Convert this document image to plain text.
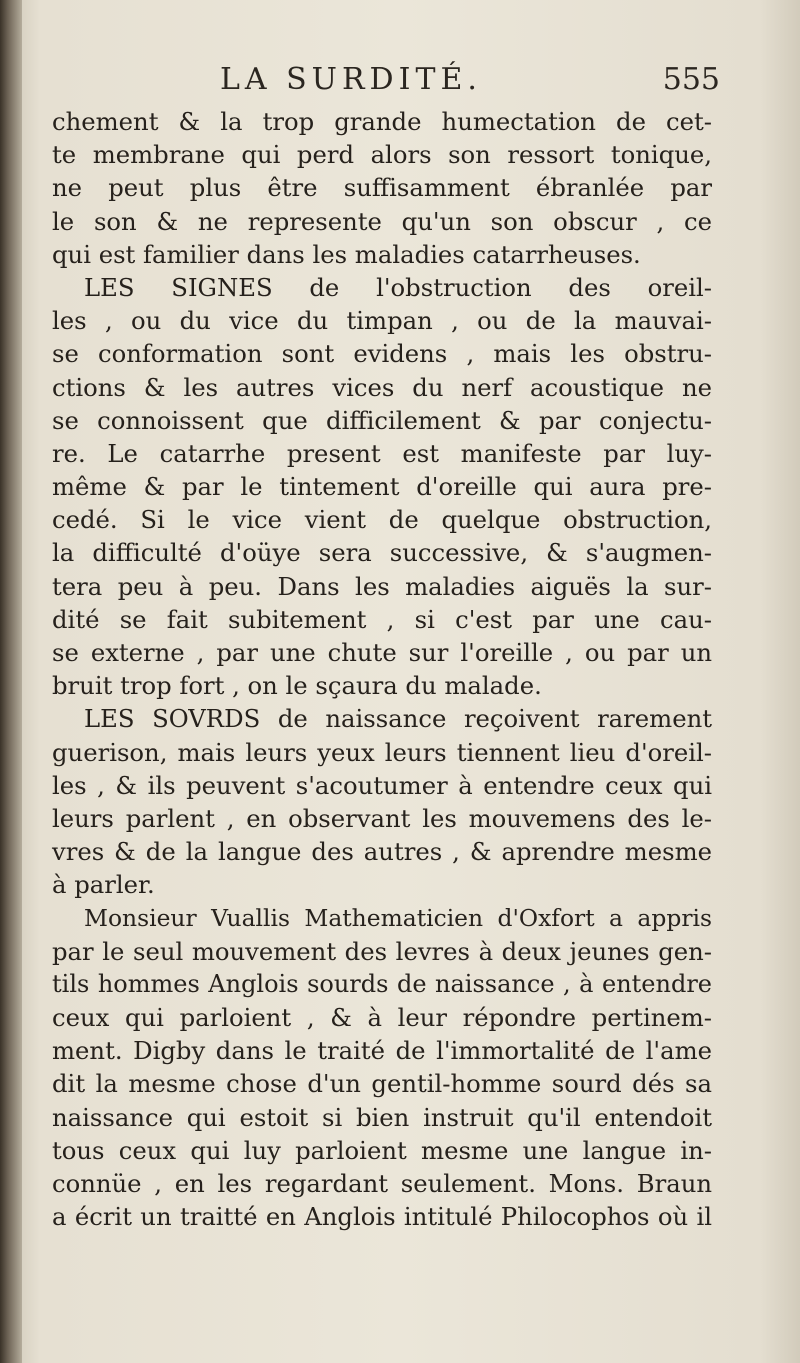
LA SURDITÉ.	555
chement & la trop grande humectation de cet-
te membrane qui perd alors son ressort tonique,
ne peut plus être suffisamment ébranlée par
le son & ne represente qu'un son obscur , ce
qui est familier dans les maladies catarrheuses.
LES SIGNES de l'obstruction des oreil-
les , ou du vice du timpan , ou de la mauvai-
se conformation sont evidens , mais les obstru-
ctions & les autres vices du nerf acoustique ne
se connoissent que difficilement & par conjectu-
re. Le catarrhe present est manifeste par luy-
même & par le tintement d'oreille qui aura pre-
cedé. Si le vice vient de quelque obstruction,
la difficulté d'oüye sera successive, & s'augmen-
tera peu à peu. Dans les maladies aiguës la sur-
dité se fait subitement , si c'est par une cau-
se externe , par une chute sur l'oreille , ou par un
bruit trop fort , on le sçaura du malade.
LES SOVRDS de naissance reçoivent rarement
guerison, mais leurs yeux leurs tiennent lieu d'oreil-
les , & ils peuvent s'acoutumer à entendre ceux qui
leurs parlent , en observant les mouvemens des le-
vres & de la langue des autres , & aprendre mesme
à parler.
Monsieur Vuallis Mathematicien d'Oxfort a appris
par le seul mouvement des levres à deux jeunes gen-
tils hommes Anglois sourds de naissance , à entendre
ceux qui parloient , & à leur répondre pertinem-
ment. Digby dans le traité de l'immortalité de l'ame
dit la mesme chose d'un gentil-homme sourd dés sa
naissance qui estoit si bien instruit qu'il entendoit
tous ceux qui luy parloient mesme une langue in-
connüe , en les regardant seulement. Mons. Braun
a écrit un traitté en Anglois intitulé Philocophos où il
